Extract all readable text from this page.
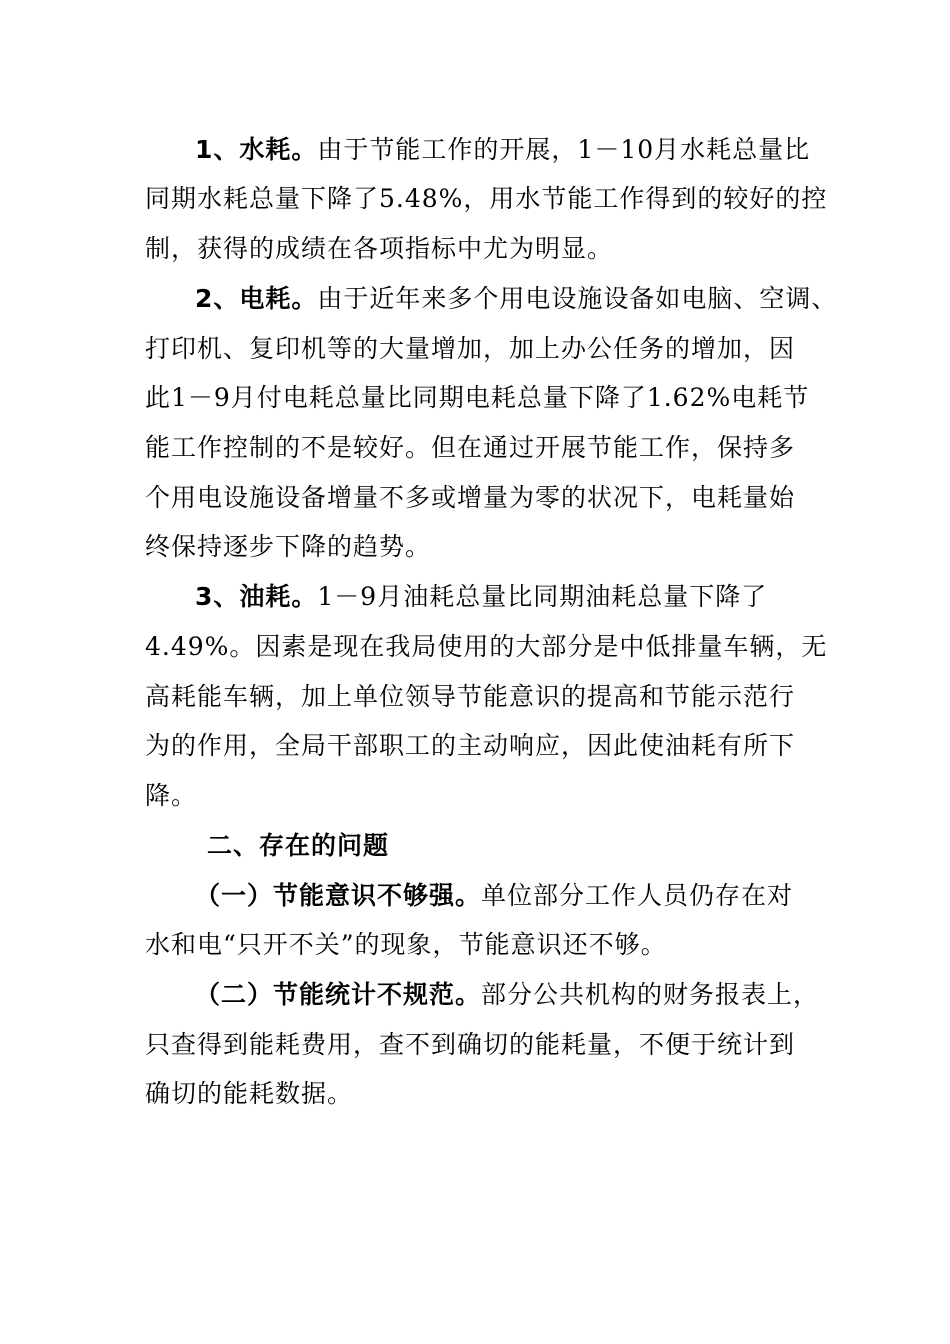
1、水耗。由于节能工作的开展，1－10月水耗总量比
同期水耗总量下降了5.48%，用水节能工作得到的较好的控
制，获得的成绩在各项指标中尤为明显。
2、电耗。由于近年来多个用电设施设备如电脑、空调、
打印机、复印机等的大量增加，加上办公任务的增加，因
此1－9月付电耗总量比同期电耗总量下降了1.62%电耗节
能工作控制的不是较好。但在通过开展节能工作，保持多
个用电设施设备增量不多或增量为零的状况下，电耗量始
终保持逐步下降的趋势。
3、油耗。1－9月油耗总量比同期油耗总量下降了
4.49%。因素是现在我局使用的大部分是中低排量车辆，无
高耗能车辆，加上单位领导节能意识的提高和节能示范行
为的作用，全局干部职工的主动响应，因此使油耗有所下
降。
二、存在的问题
（一）节能意识不够强。单位部分工作人员仍存在对
水和电“只开不关”的现象，节能意识还不够。
（二）节能统计不规范。部分公共机构的财务报表上，
只查得到能耗费用，查不到确切的能耗量，不便于统计到
确切的能耗数据。
